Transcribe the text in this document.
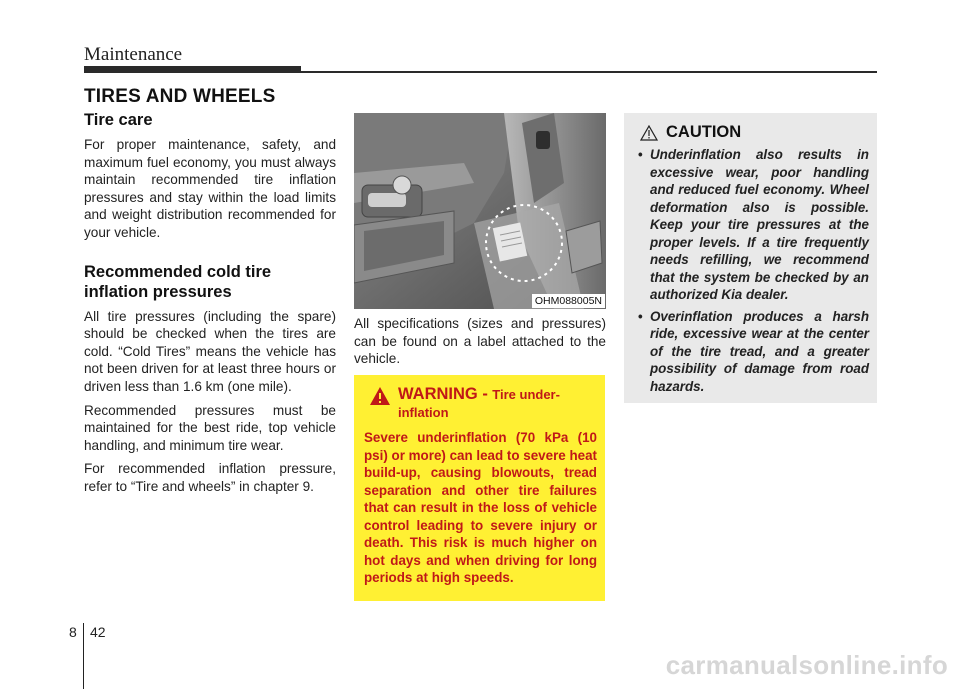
Maintenance
TIRES AND WHEELS
Tire care

For proper maintenance, safety, and maximum fuel economy, you must always maintain recommended tire inflation pressures and stay within the load limits and weight distribution recommended for your vehicle.

Recommended cold tire inflation pressures

All tire pressures (including the spare) should be checked when the tires are cold. “Cold Tires” means the vehicle has not been driven for at least three hours or driven less than 1.6 km (one mile).

Recommended pressures must be maintained for the best ride, top vehicle handling, and minimum tire wear.

For recommended inflation pressure, refer to “Tire and wheels” in chapter 9.

OHM088005N
All specifications (sizes and pressures) can be found on a label attached to the vehicle.
WARNING - Tire under-inflation
Severe underinflation (70 kPa (10 psi) or more) can lead to severe heat build-up, causing blowouts, tread separation and other tire failures that can result in the loss of vehicle control leading to severe injury or death. This risk is much higher on hot days and when driving for long periods at high speeds.
CAUTION
• Underinflation also results in excessive wear, poor handling and reduced fuel economy. Wheel deformation also is possible. Keep your tire pressures at the proper levels. If a tire frequently needs refilling, we recommend that the system be checked by an authorized Kia dealer.
• Overinflation produces a harsh ride, excessive wear at the center of the tire tread, and a greater possibility of damage from road hazards.
8 42
carmanualsonline.info
